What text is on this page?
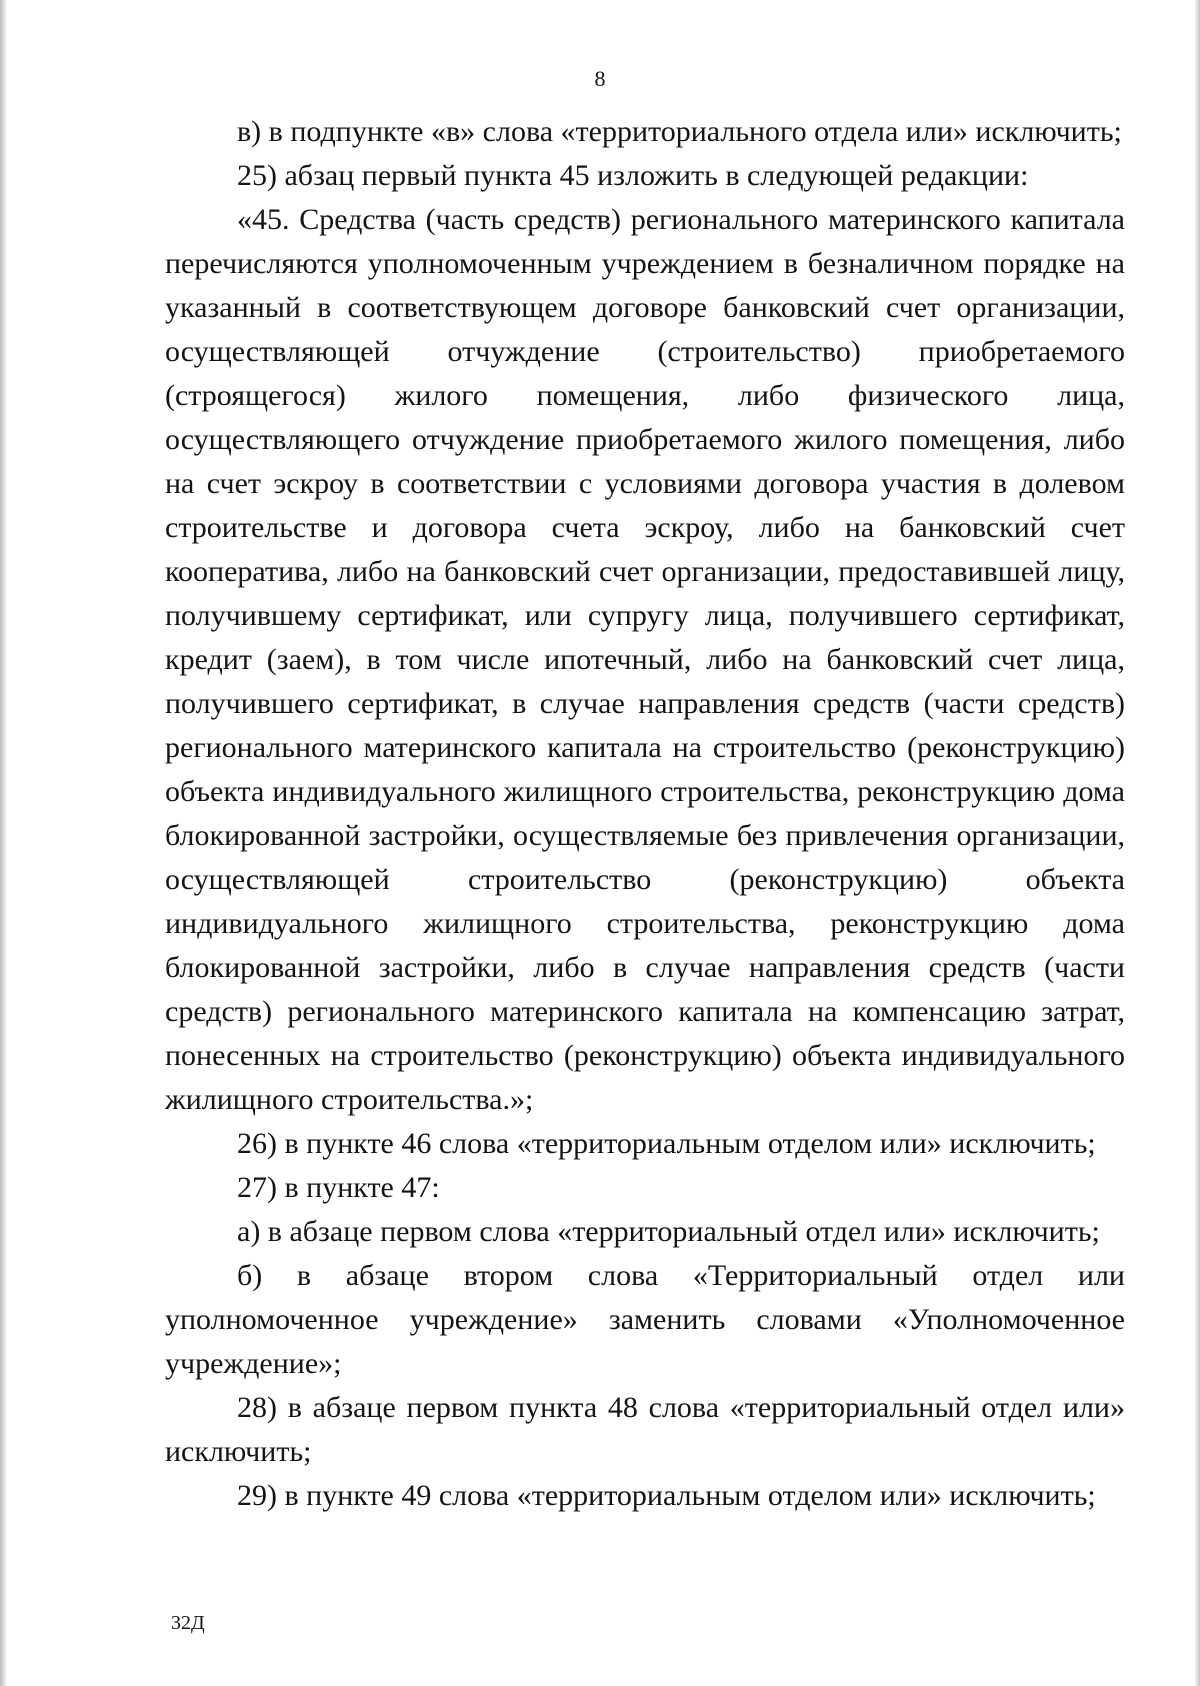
8

в) в подпункте «в» слова «территориального отдела или» исключить;

25) абзац первый пункта 45 изложить в следующей редакции:

«45. Средства (часть средств) регионального материнского капитала перечисляются уполномоченным учреждением в безналичном порядке на указанный в соответствующем договоре банковский счет организации, осуществляющей отчуждение (строительство) приобретаемого (строящегося) жилого помещения, либо физического лица, осуществляющего отчуждение приобретаемого жилого помещения, либо на счет эскроу в соответствии с условиями договора участия в долевом строительстве и договора счета эскроу, либо на банковский счет кооператива, либо на банковский счет организации, предоставившей лицу, получившему сертификат, или супругу лица, получившего сертификат, кредит (заем), в том числе ипотечный, либо на банковский счет лица, получившего сертификат, в случае направления средств (части средств) регионального материнского капитала на строительство (реконструкцию) объекта индивидуального жилищного строительства, реконструкцию дома блокированной застройки, осуществляемые без привлечения организации, осуществляющей строительство (реконструкцию) объекта индивидуального жилищного строительства, реконструкцию дома блокированной застройки, либо в случае направления средств (части средств) регионального материнского капитала на компенсацию затрат, понесенных на строительство (реконструкцию) объекта индивидуального жилищного строительства.»;

26) в пункте 46 слова «территориальным отделом или» исключить;

27) в пункте 47:

а) в абзаце первом слова «территориальный отдел или» исключить;

б) в абзаце втором слова «Территориальный отдел или уполномоченное учреждение» заменить словами «Уполномоченное учреждение»;

28) в абзаце первом пункта 48 слова «территориальный отдел или» исключить;

29) в пункте 49 слова «территориальным отделом или» исключить;

32Д
